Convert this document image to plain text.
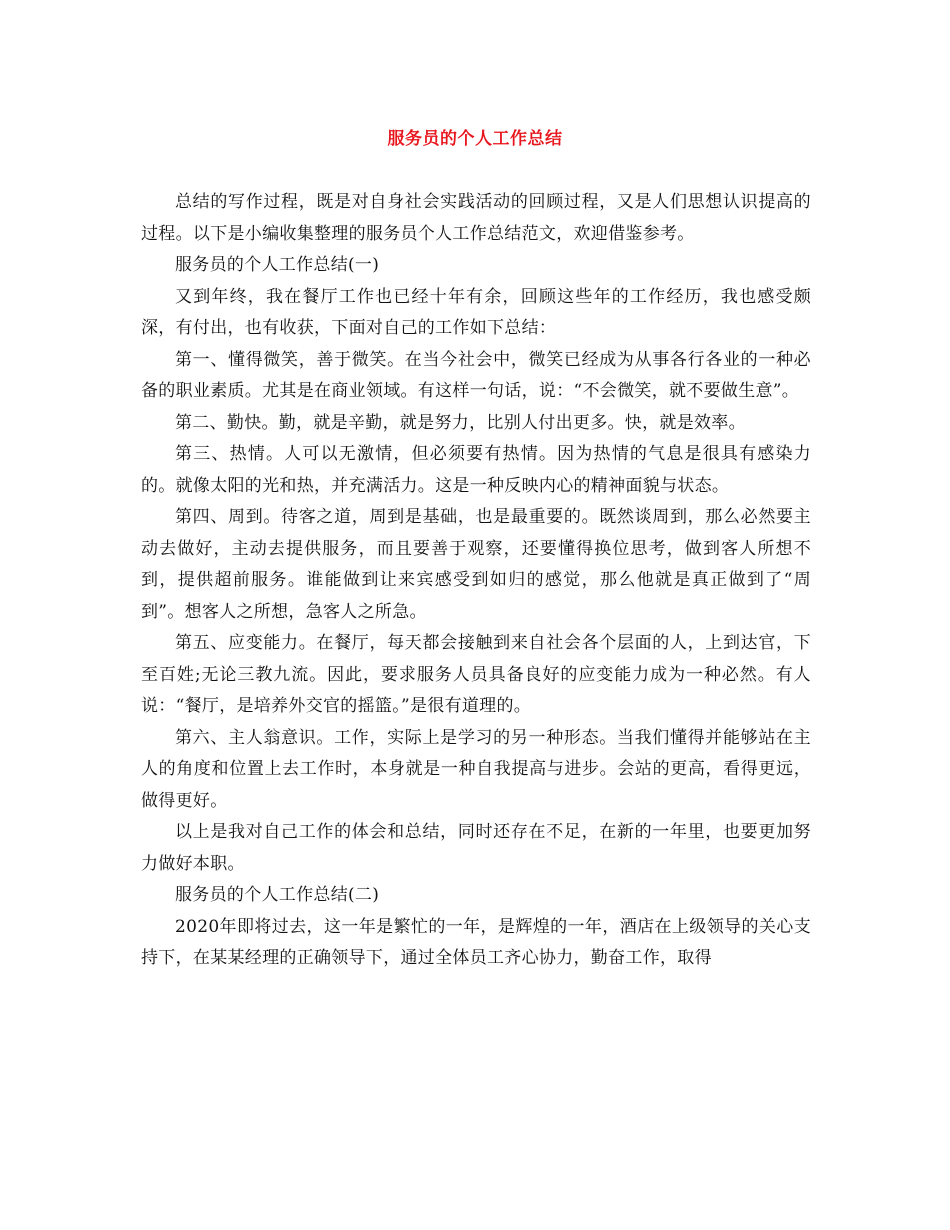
服务员的个人工作总结

总结的写作过程，既是对自身社会实践活动的回顾过程，又是人们思想认识提高的过程。以下是小编收集整理的服务员个人工作总结范文，欢迎借鉴参考。

服务员的个人工作总结(一)

又到年终，我在餐厅工作也已经十年有余，回顾这些年的工作经历，我也感受颇深，有付出，也有收获，下面对自己的工作如下总结：

第一、懂得微笑，善于微笑。在当今社会中，微笑已经成为从事各行各业的一种必备的职业素质。尤其是在商业领域。有这样一句话，说：“不会微笑，就不要做生意”。

第二、勤快。勤，就是辛勤，就是努力，比别人付出更多。快，就是效率。

第三、热情。人可以无激情，但必须要有热情。因为热情的气息是很具有感染力的。就像太阳的光和热，并充满活力。这是一种反映内心的精神面貌与状态。

第四、周到。待客之道，周到是基础，也是最重要的。既然谈周到，那么必然要主动去做好，主动去提供服务，而且要善于观察，还要懂得换位思考，做到客人所想不到，提供超前服务。谁能做到让来宾感受到如归的感觉，那么他就是真正做到了“周到”。想客人之所想，急客人之所急。

第五、应变能力。在餐厅，每天都会接触到来自社会各个层面的人，上到达官，下至百姓;无论三教九流。因此，要求服务人员具备良好的应变能力成为一种必然。有人说：“餐厅，是培养外交官的摇篮。”是很有道理的。

第六、主人翁意识。工作，实际上是学习的另一种形态。当我们懂得并能够站在主人的角度和位置上去工作时，本身就是一种自我提高与进步。会站的更高，看得更远，做得更好。

以上是我对自己工作的体会和总结，同时还存在不足，在新的一年里，也要更加努力做好本职。

服务员的个人工作总结(二)

2020年即将过去，这一年是繁忙的一年，是辉煌的一年，酒店在上级领导的关心支持下，在某某经理的正确领导下，通过全体员工齐心协力，勤奋工作，取得
